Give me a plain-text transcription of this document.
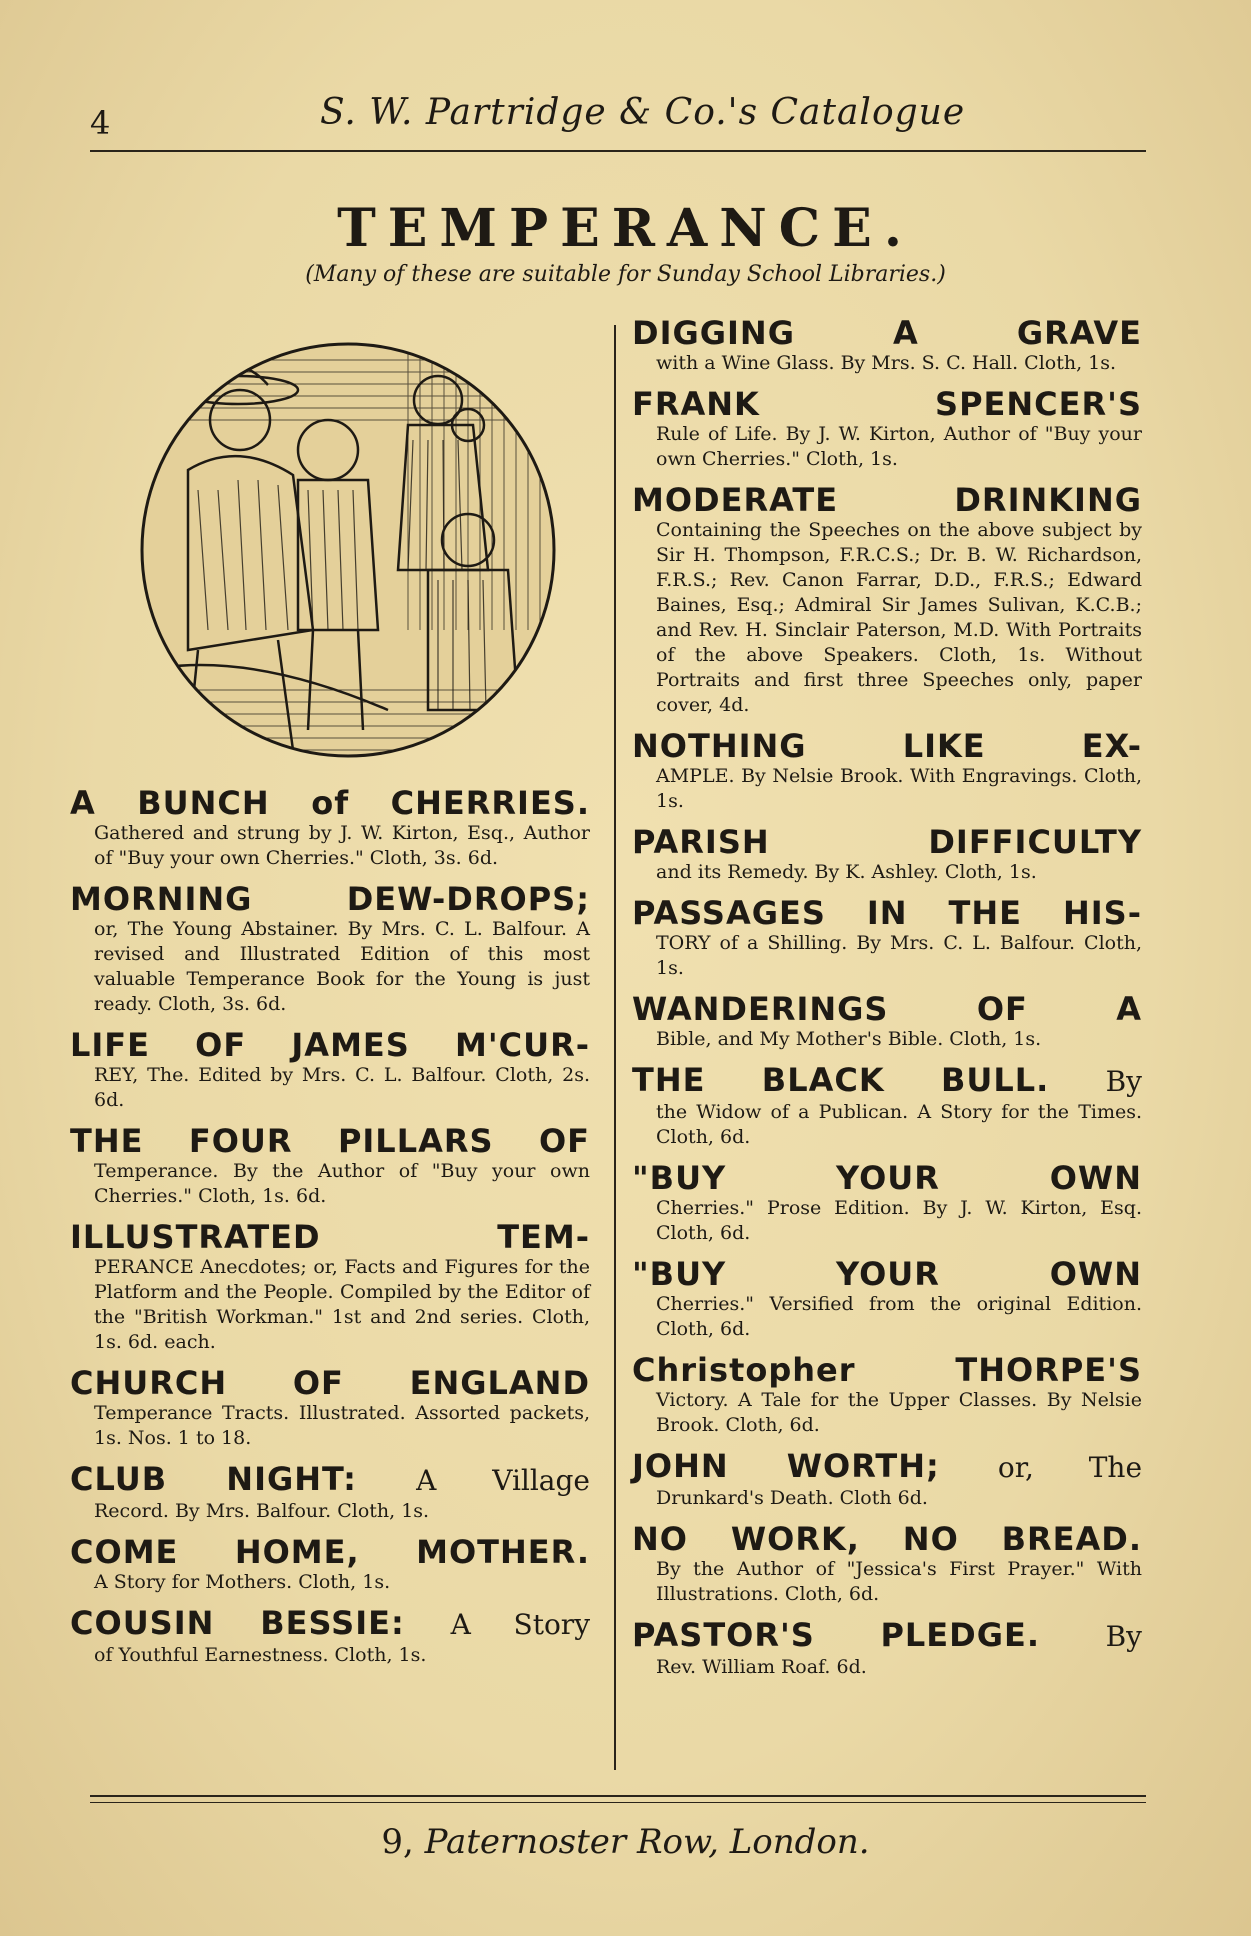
4	S. W. Partridge & Co.'s Catalogue
TEMPERANCE.
(Many of these are suitable for Sunday School Libraries.)
A BUNCH of CHERRIES.
Gathered and strung by J. W. Kirton, Esq., Author of "Buy your own Cherries." Cloth, 3s. 6d.
MORNING DEW-DROPS;
or, The Young Abstainer. By Mrs. C. L. Balfour. A revised and Illustrated Edition of this most valuable Temperance Book for the Young is just ready. Cloth, 3s. 6d.
LIFE OF JAMES M'CUR-
REY, The. Edited by Mrs. C. L. Balfour. Cloth, 2s. 6d.
THE FOUR PILLARS OF
Temperance. By the Author of "Buy your own Cherries." Cloth, 1s. 6d.
ILLUSTRATED TEM-
PERANCE Anecdotes; or, Facts and Figures for the Platform and the People. Compiled by the Editor of the "British Workman." 1st and 2nd series. Cloth, 1s. 6d. each.
CHURCH OF ENGLAND
Temperance Tracts. Illustrated. Assorted packets, 1s. Nos. 1 to 18.
CLUB NIGHT: A Village
Record. By Mrs. Balfour. Cloth, 1s.
COME HOME, MOTHER.
A Story for Mothers. Cloth, 1s.
COUSIN BESSIE: A Story
of Youthful Earnestness. Cloth, 1s.
DIGGING A GRAVE
with a Wine Glass. By Mrs. S. C. Hall. Cloth, 1s.
FRANK SPENCER'S
Rule of Life. By J. W. Kirton, Author of "Buy your own Cherries." Cloth, 1s.
MODERATE DRINKING
Containing the Speeches on the above subject by Sir H. Thompson, F.R.C.S.; Dr. B. W. Richardson, F.R.S.; Rev. Canon Farrar, D.D., F.R.S.; Edward Baines, Esq.; Admiral Sir James Sulivan, K.C.B.; and Rev. H. Sinclair Paterson, M.D. With Portraits of the above Speakers. Cloth, 1s. Without Portraits and first three Speeches only, paper cover, 4d.
NOTHING LIKE EX-
AMPLE. By Nelsie Brook. With Engravings. Cloth, 1s.
PARISH DIFFICULTY
and its Remedy. By K. Ashley. Cloth, 1s.
PASSAGES IN THE HIS-
TORY of a Shilling. By Mrs. C. L. Balfour. Cloth, 1s.
WANDERINGS OF A
Bible, and My Mother's Bible. Cloth, 1s.
THE BLACK BULL. By
the Widow of a Publican. A Story for the Times. Cloth, 6d.
"BUY YOUR OWN
Cherries." Prose Edition. By J. W. Kirton, Esq. Cloth, 6d.
"BUY YOUR OWN
Cherries." Versified from the original Edition. Cloth, 6d.
Christopher THORPE'S
Victory. A Tale for the Upper Classes. By Nelsie Brook. Cloth, 6d.
JOHN WORTH; or, The
Drunkard's Death. Cloth 6d.
NO WORK, NO BREAD.
By the Author of "Jessica's First Prayer." With Illustrations. Cloth, 6d.
PASTOR'S PLEDGE. By
Rev. William Roaf. 6d.
9, Paternoster Row, London.
